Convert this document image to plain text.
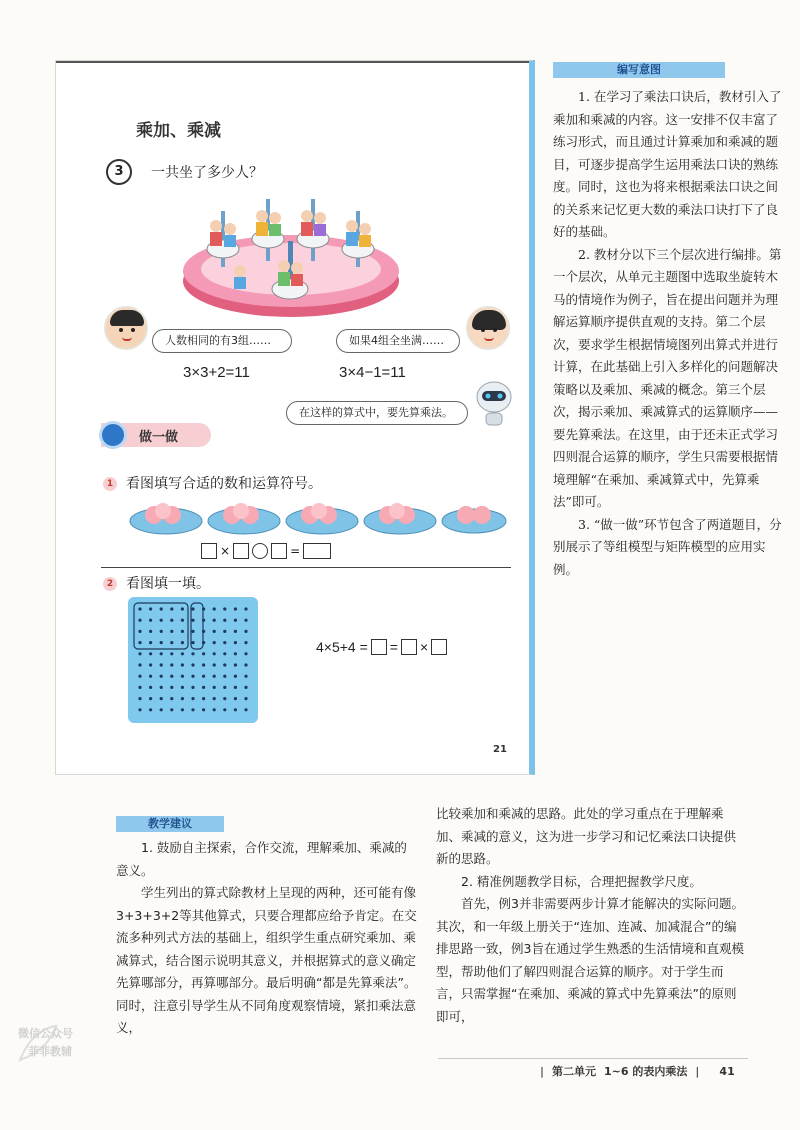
乘加、乘减
3	一共坐了多少人？
人数相同的有3组……	如果4组全坐满……
3×3+2=11	3×4−1=11
在这样的算式中，要先算乘法。
做一做
1 看图填写合适的数和运算符号。
×	=
2 看图填一填。
4×5+4 = = ×
21
编写意图

1. 在学习了乘法口诀后，教材引入了乘加和乘减的内容。这一安排不仅丰富了练习形式，而且通过计算乘加和乘减的题目，可逐步提高学生运用乘法口诀的熟练度。同时，这也为将来根据乘法口诀之间的关系来记忆更大数的乘法口诀打下了良好的基础。

2. 教材分以下三个层次进行编排。第一个层次，从单元主题图中选取坐旋转木马的情境作为例子，旨在提出问题并为理解运算顺序提供直观的支持。第二个层次，要求学生根据情境图列出算式并进行计算，在此基础上引入多样化的问题解决策略以及乘加、乘减的概念。第三个层次，揭示乘加、乘减算式的运算顺序——要先算乘法。在这里，由于还未正式学习四则混合运算的顺序，学生只需要根据情境理解“在乘加、乘减算式中，先算乘法”即可。

3. “做一做”环节包含了两道题目，分别展示了等组模型与矩阵模型的应用实例。

教学建议

1. 鼓励自主探索，合作交流，理解乘加、乘减的意义。

学生列出的算式除教材上呈现的两种，还可能有像3+3+3+2等其他算式，只要合理都应给予肯定。在交流多种列式方法的基础上，组织学生重点研究乘加、乘减算式，结合图示说明其意义，并根据算式的意义确定先算哪部分，再算哪部分。最后明确“都是先算乘法”。同时，注意引导学生从不同角度观察情境，紧扣乘法意义，

比较乘加和乘减的思路。此处的学习重点在于理解乘加、乘减的意义，这为进一步学习和记忆乘法口诀提供新的思路。

2. 精准例题教学目标，合理把握教学尺度。

首先，例3并非需要两步计算才能解决的实际问题。其次，和一年级上册关于“连加、连减、加减混合”的编排思路一致，例3旨在通过学生熟悉的生活情境和直观模型，帮助他们了解四则混合运算的顺序。对于学生而言，只需掌握“在乘加、乘减的算式中先算乘法”的原则即可，

| 第二单元 1~6 的表内乘法 | 41
微信公众号
菲菲教辅
